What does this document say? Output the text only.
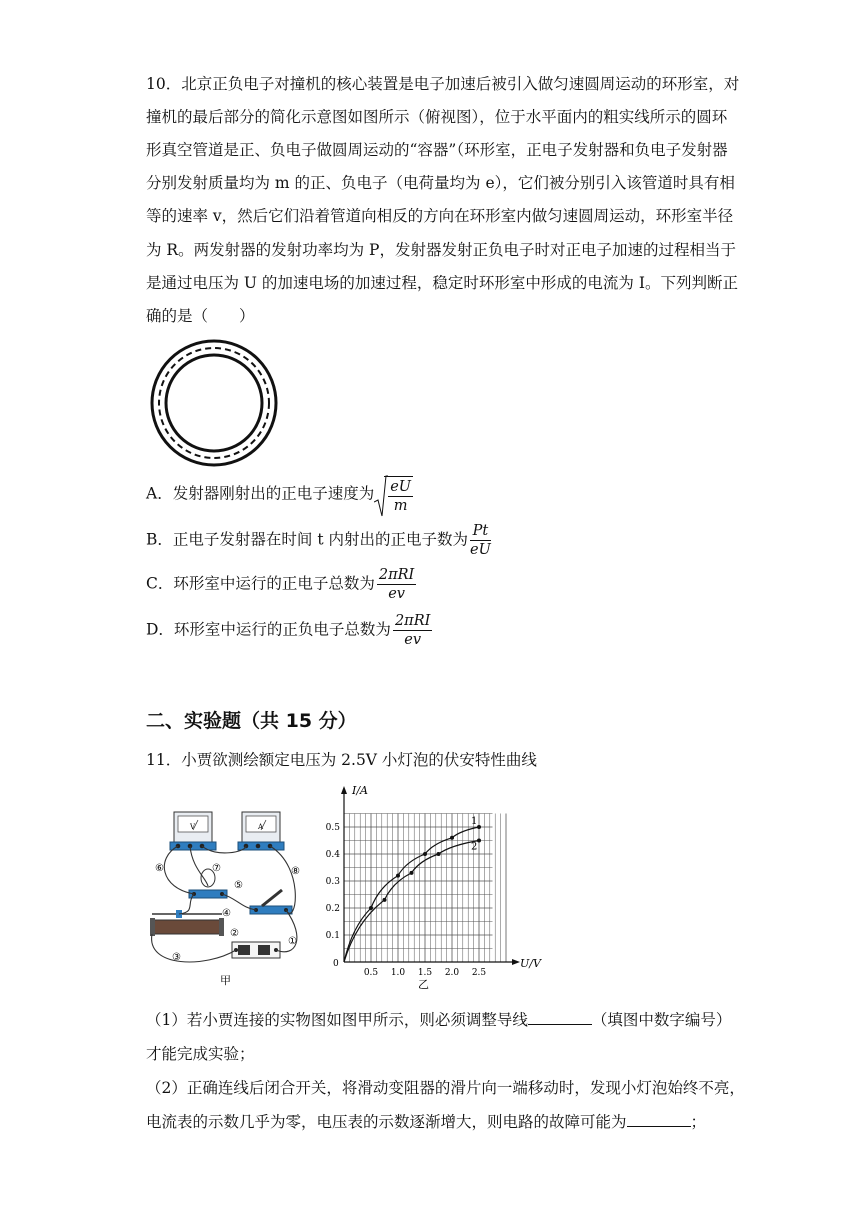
10．北京正负电子对撞机的核心装置是电子加速后被引入做匀速圆周运动的环形室，对
撞机的最后部分的简化示意图如图所示（俯视图），位于水平面内的粗实线所示的圆环
形真空管道是正、负电子做圆周运动的“容器”（环形室，正电子发射器和负电子发射器
分别发射质量均为 m 的正、负电子（电荷量均为 e），它们被分别引入该管道时具有相
等的速率 v，然后它们沿着管道向相反的方向在环形室内做匀速圆周运动，环形室半径
为 R。两发射器的发射功率均为 P，发射器发射正负电子时对正电子加速的过程相当于
是通过电压为 U 的加速电场的加速过程，稳定时环形室中形成的电流为 I。下列判断正
确的是（　　）
A．发射器刚射出的正电子速度为 $\frac{eU}{m}$
B．正电子发射器在时间 t 内射出的正电子数为 $\frac{Pt}{eU}$
C．环形室中运行的正电子总数为 $\frac{\text{2πRI}}{ev}$
D．环形室中运行的正负电子总数为 $\frac{\text{2πRI}}{ev}$
二、实验题（共 15 分）
11．小贾欲测绘额定电压为 2.5V 小灯泡的伏安特性曲线
V	A
⑥	⑦
⑤
⑧
④
②
③
①
甲
0.5 1.0 1.5 2.0 2.5
0.1
0.2
0.3
0.4
0.5
1
2
I/A
U/V
0
乙
（1）若小贾连接的实物图如图甲所示，则必须调整导线	（填图中数字编号）
才能完成实验；
（2）正确连线后闭合开关，将滑动变阻器的滑片向一端移动时，发现小灯泡始终不亮，
电流表的示数几乎为零，电压表的示数逐渐增大，则电路的故障可能为	；
